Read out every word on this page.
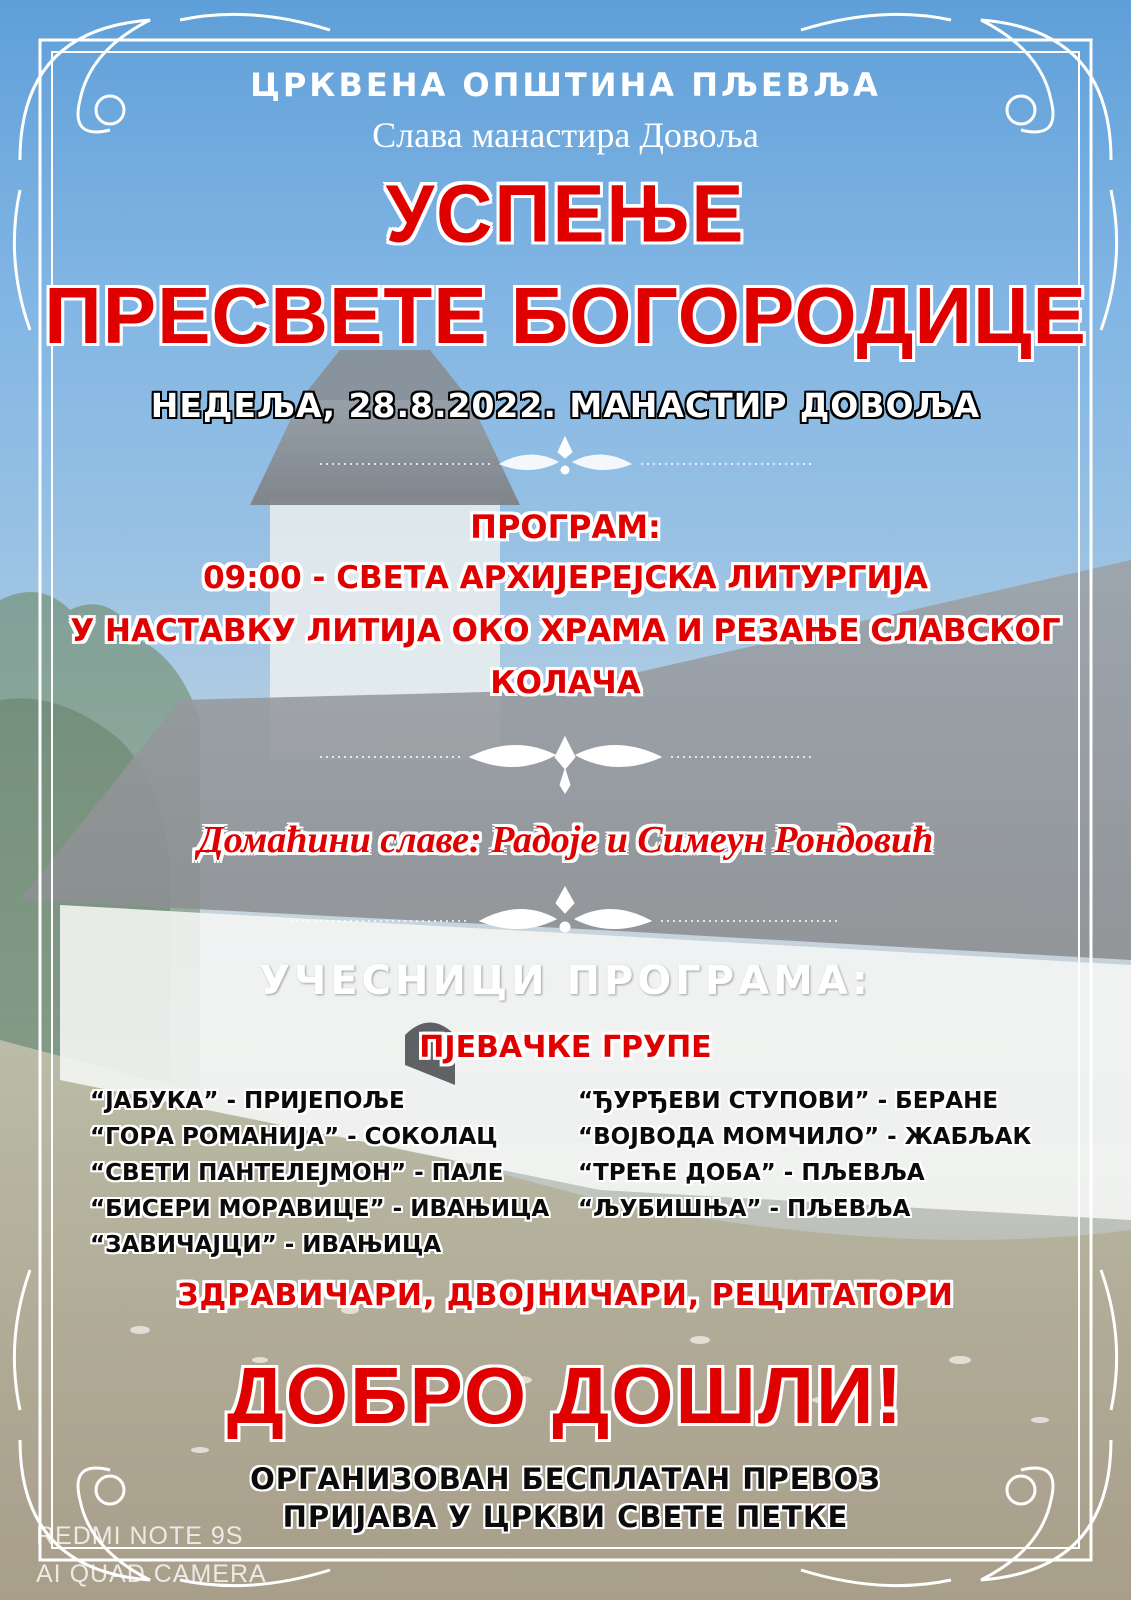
ЦРКВЕНА ОПШТИНА ПЉЕВЉА
Слава манастира Довоља
УСПЕЊЕ
ПРЕСВЕТЕ БОГОРОДИЦЕ
НЕДЕЉА, 28.8.2022. МАНАСТИР ДОВОЉА
ПРОГРАМ:
09:00 - СВЕТА АРХИЈЕРЕЈСКА ЛИТУРГИЈА
У НАСТАВКУ ЛИТИЈА ОКО ХРАМА И РЕЗАЊЕ СЛАВСКОГ
КОЛАЧА
Домаћини славе: Радоје и Симеун Рондовић
УЧЕСНИЦИ ПРОГРАМА:
ПЈЕВАЧКЕ ГРУПЕ
“ЈАБУКА” - ПРИЈЕПОЉЕ
“ГОРА РОМАНИЈА” - СОКОЛАЦ
“СВЕТИ ПАНТЕЛЕЈМОН” - ПАЛЕ
“БИСЕРИ МОРАВИЦЕ” - ИВАЊИЦА
“ЗАВИЧАЈЦИ” - ИВАЊИЦА
“ЂУРЂЕВИ СТУПОВИ” - БЕРАНЕ
“ВОЈВОДА МОМЧИЛО” - ЖАБЉАК
“ТРЕЋЕ ДОБА” - ПЉЕВЉА
“ЉУБИШЊА” - ПЉЕВЉА
ЗДРАВИЧАРИ, ДВОЈНИЧАРИ, РЕЦИТАТОРИ
ДОБРО ДОШЛИ!
ОРГАНИЗОВАН БЕСПЛАТАН ПРЕВОЗ
ПРИЈАВА У ЦРКВИ СВЕТЕ ПЕТКЕ
REDMI NOTE 9S
AI QUAD CAMERA
